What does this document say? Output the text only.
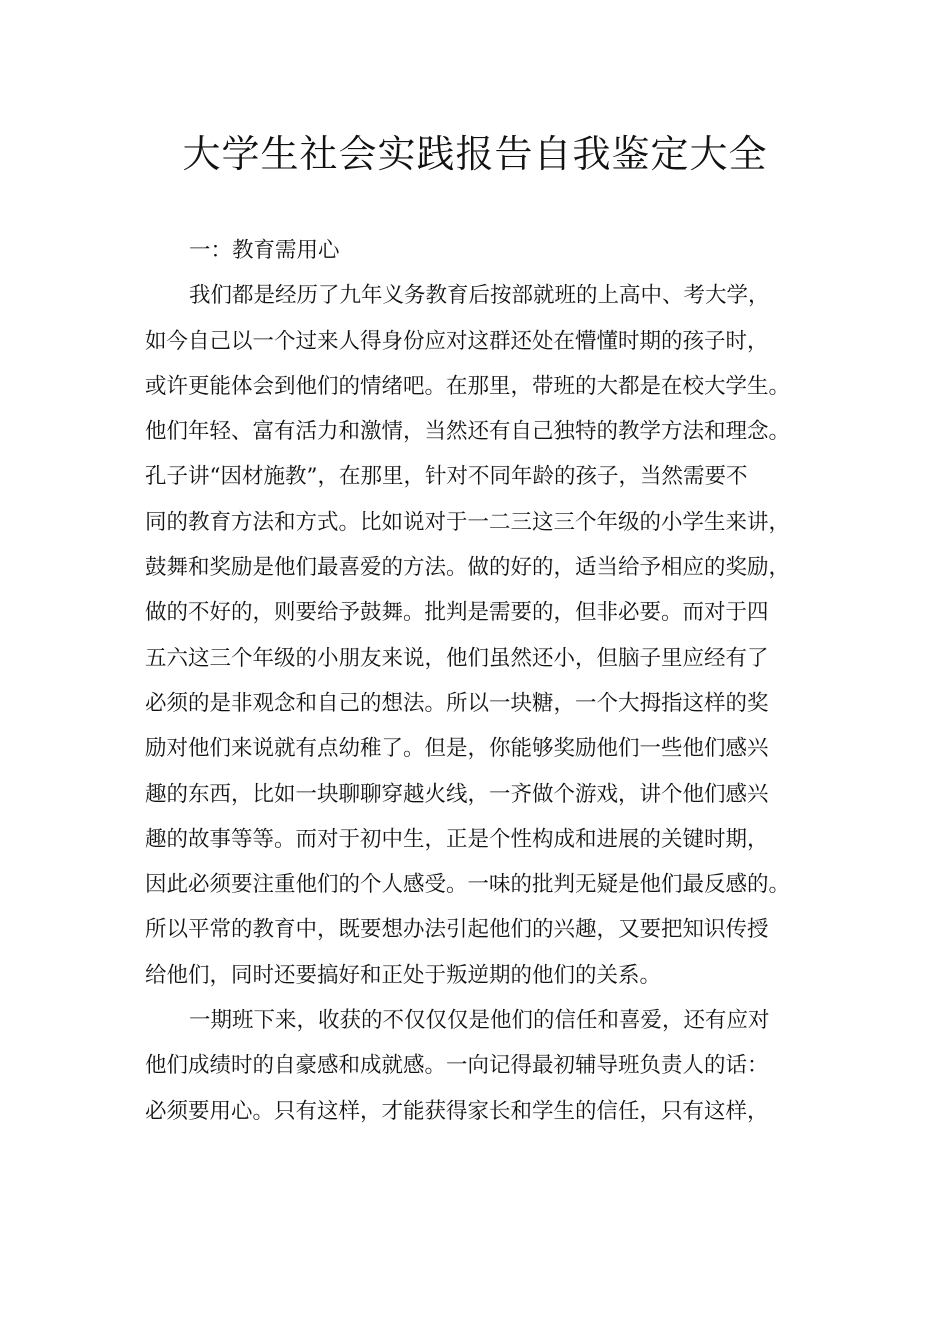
大学生社会实践报告自我鉴定大全
一：教育需用心
我们都是经历了九年义务教育后按部就班的上高中、考大学，
如今自己以一个过来人得身份应对这群还处在懵懂时期的孩子时，
或许更能体会到他们的情绪吧。在那里，带班的大都是在校大学生。
他们年轻、富有活力和激情，当然还有自己独特的教学方法和理念。
孔子讲“因材施教”，在那里，针对不同年龄的孩子，当然需要不
同的教育方法和方式。比如说对于一二三这三个年级的小学生来讲，
鼓舞和奖励是他们最喜爱的方法。做的好的，适当给予相应的奖励，
做的不好的，则要给予鼓舞。批判是需要的，但非必要。而对于四
五六这三个年级的小朋友来说，他们虽然还小，但脑子里应经有了
必须的是非观念和自己的想法。所以一块糖，一个大拇指这样的奖
励对他们来说就有点幼稚了。但是，你能够奖励他们一些他们感兴
趣的东西，比如一块聊聊穿越火线，一齐做个游戏，讲个他们感兴
趣的故事等等。而对于初中生，正是个性构成和进展的关键时期，
因此必须要注重他们的个人感受。一味的批判无疑是他们最反感的。
所以平常的教育中，既要想办法引起他们的兴趣，又要把知识传授
给他们，同时还要搞好和正处于叛逆期的他们的关系。
一期班下来，收获的不仅仅仅是他们的信任和喜爱，还有应对
他们成绩时的自豪感和成就感。一向记得最初辅导班负责人的话：
必须要用心。只有这样，才能获得家长和学生的信任，只有这样，
